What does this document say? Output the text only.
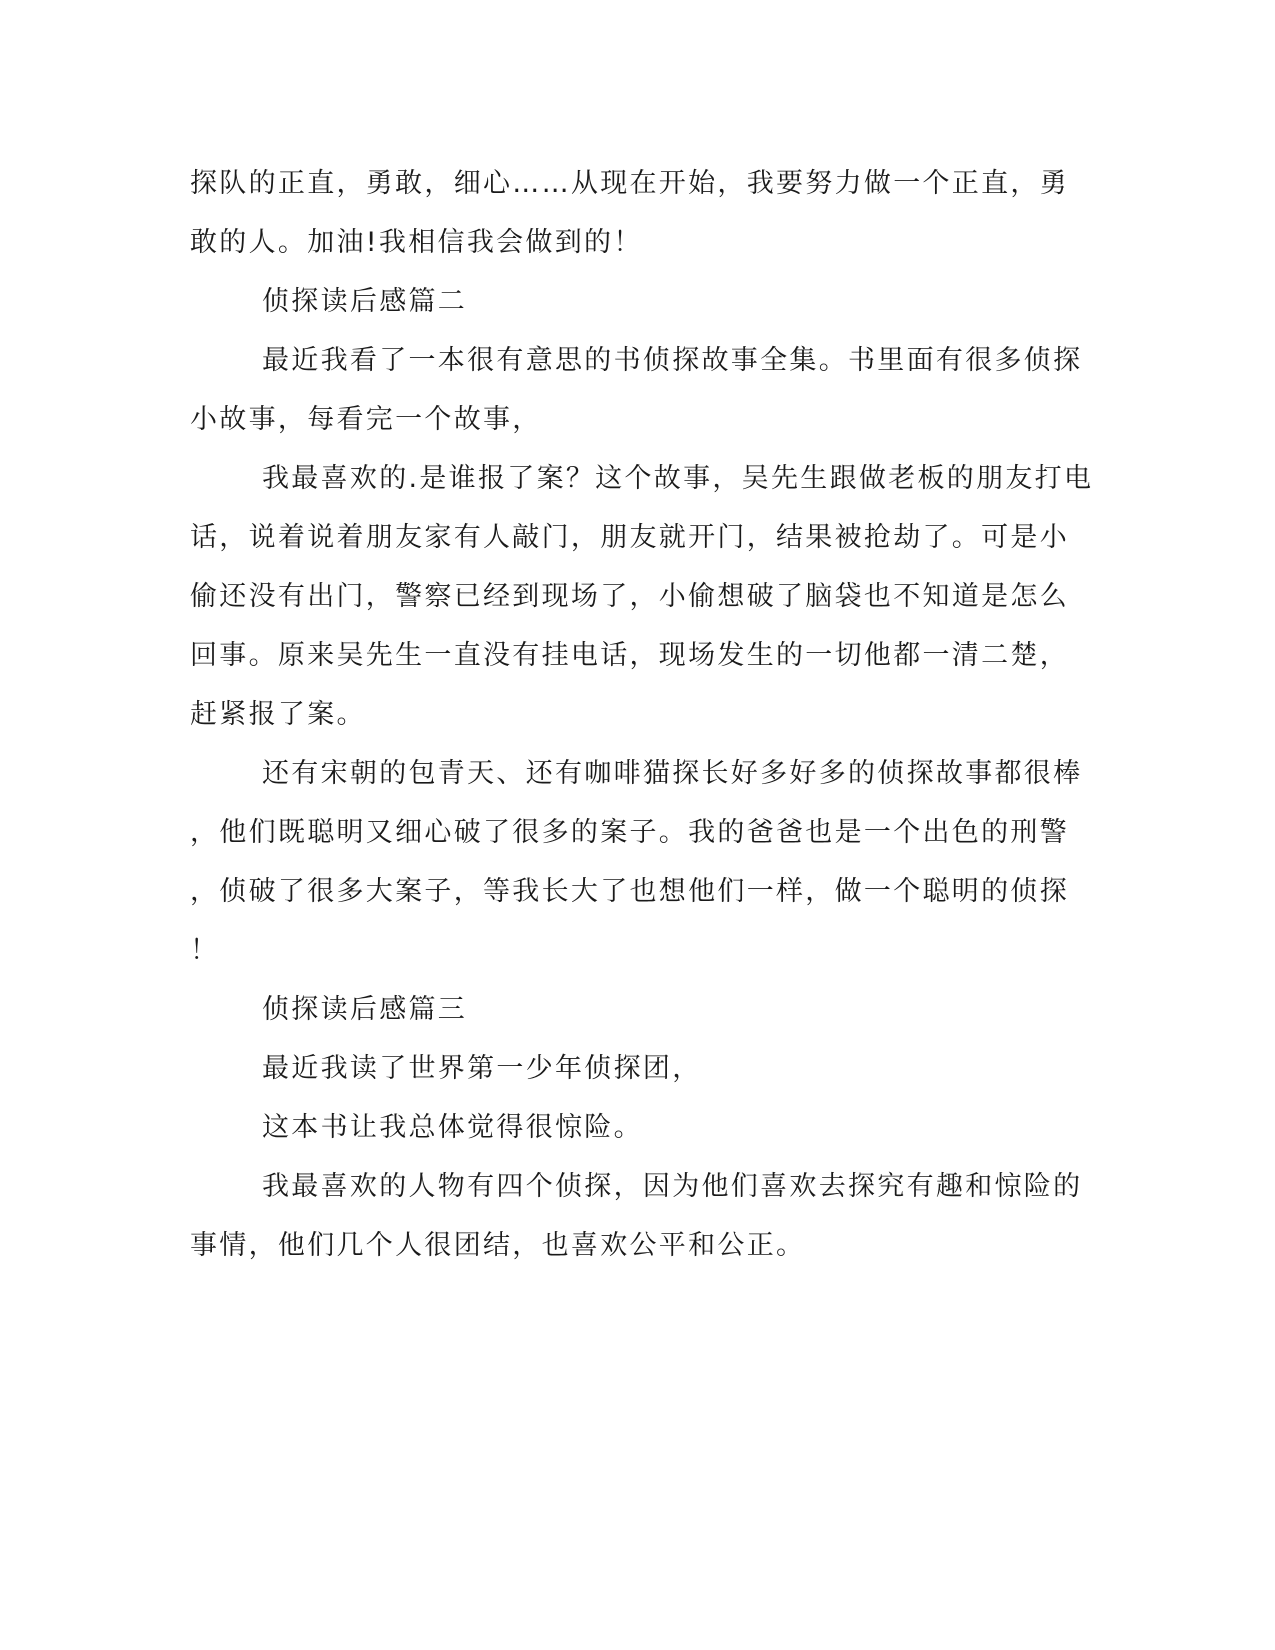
探队的正直，勇敢，细心……从现在开始，我要努力做一个正直，勇
敢的人。加油!我相信我会做到的！
侦探读后感篇二
最近我看了一本很有意思的书侦探故事全集。书里面有很多侦探
小故事，每看完一个故事，
我最喜欢的.是谁报了案？这个故事，吴先生跟做老板的朋友打电
话，说着说着朋友家有人敲门，朋友就开门，结果被抢劫了。可是小
偷还没有出门，警察已经到现场了，小偷想破了脑袋也不知道是怎么
回事。原来吴先生一直没有挂电话，现场发生的一切他都一清二楚，
赶紧报了案。
还有宋朝的包青天、还有咖啡猫探长好多好多的侦探故事都很棒
，他们既聪明又细心破了很多的案子。我的爸爸也是一个出色的刑警
，侦破了很多大案子，等我长大了也想他们一样，做一个聪明的侦探
！
侦探读后感篇三
最近我读了世界第一少年侦探团，
这本书让我总体觉得很惊险。
我最喜欢的人物有四个侦探，因为他们喜欢去探究有趣和惊险的
事情，他们几个人很团结，也喜欢公平和公正。
